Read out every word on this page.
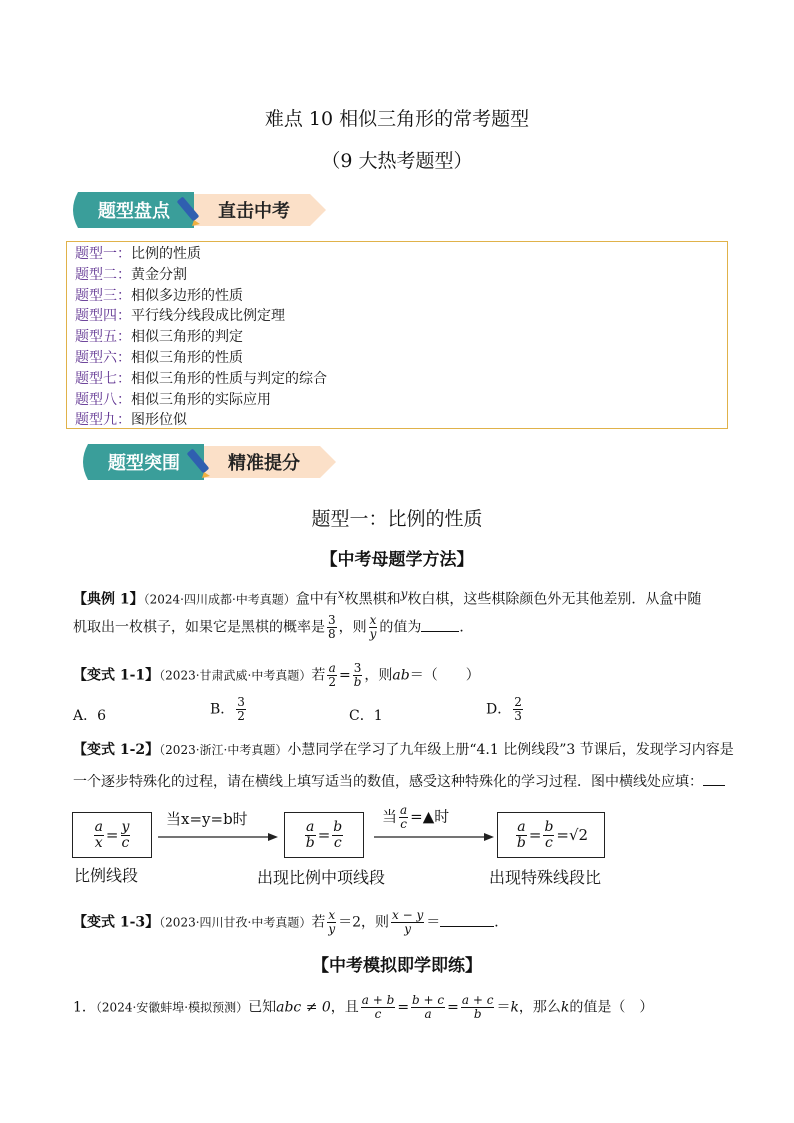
难点 10 相似三角形的常考题型
（9 大热考题型）
题型盘点	直击中考
题型一：比例的性质
题型二：黄金分割
题型三：相似多边形的性质
题型四：平行线分线段成比例定理
题型五：相似三角形的判定
题型六：相似三角形的性质
题型七：相似三角形的性质与判定的综合
题型八：相似三角形的实际应用
题型九：图形位似
题型突围	精准提分
题型一：比例的性质
【中考母题学方法】
【典例 1】（2024·四川成都·中考真题）盒中有x枚黑棋和y枚白棋，这些棋除颜色外无其他差别．从盒中随
机取出一枚棋子，如果它是黑棋的概率是 $\frac{3}{8}$ ，则 $\frac{x}{y}$ 的值为	．
【变式 1-1】（2023·甘肃武威·中考真题）若 $\frac{a}{2} = \frac{3}{b}$ ，则ab＝（　　）
A．6	B． $\frac{3}{2}$	C．1	D． $\frac{2}{3}$
【变式 1-2】（2023·浙江·中考真题）小慧同学在学习了九年级上册“4.1 比例线段”3 节课后，发现学习内容是
一个逐步特殊化的过程，请在横线上填写适当的数值，感受这种特殊化的学习过程．图中横线处应填：
$\frac{a}{x} = \frac{y}{c}$
当x=y=b时
$\frac{a}{b} = \frac{b}{c}$
当 $\frac{a}{c}$ =▲时
$\frac{a}{b} = \frac{b}{c} = √2$
比例线段	出现比例中项线段	出现特殊线段比
【变式 1-3】（2023·四川甘孜·中考真题）若 $\frac{x}{y} =2$，则 $\frac{x - y}{y}$ ＝	．
【中考模拟即学即练】
1．（2024·安徽蚌埠·模拟预测）已知abc ≠ 0，且 $\frac{a + b}{c} = \frac{b + c}{a} = \frac{a + c}{b} =k$，那么k的值是（　）
